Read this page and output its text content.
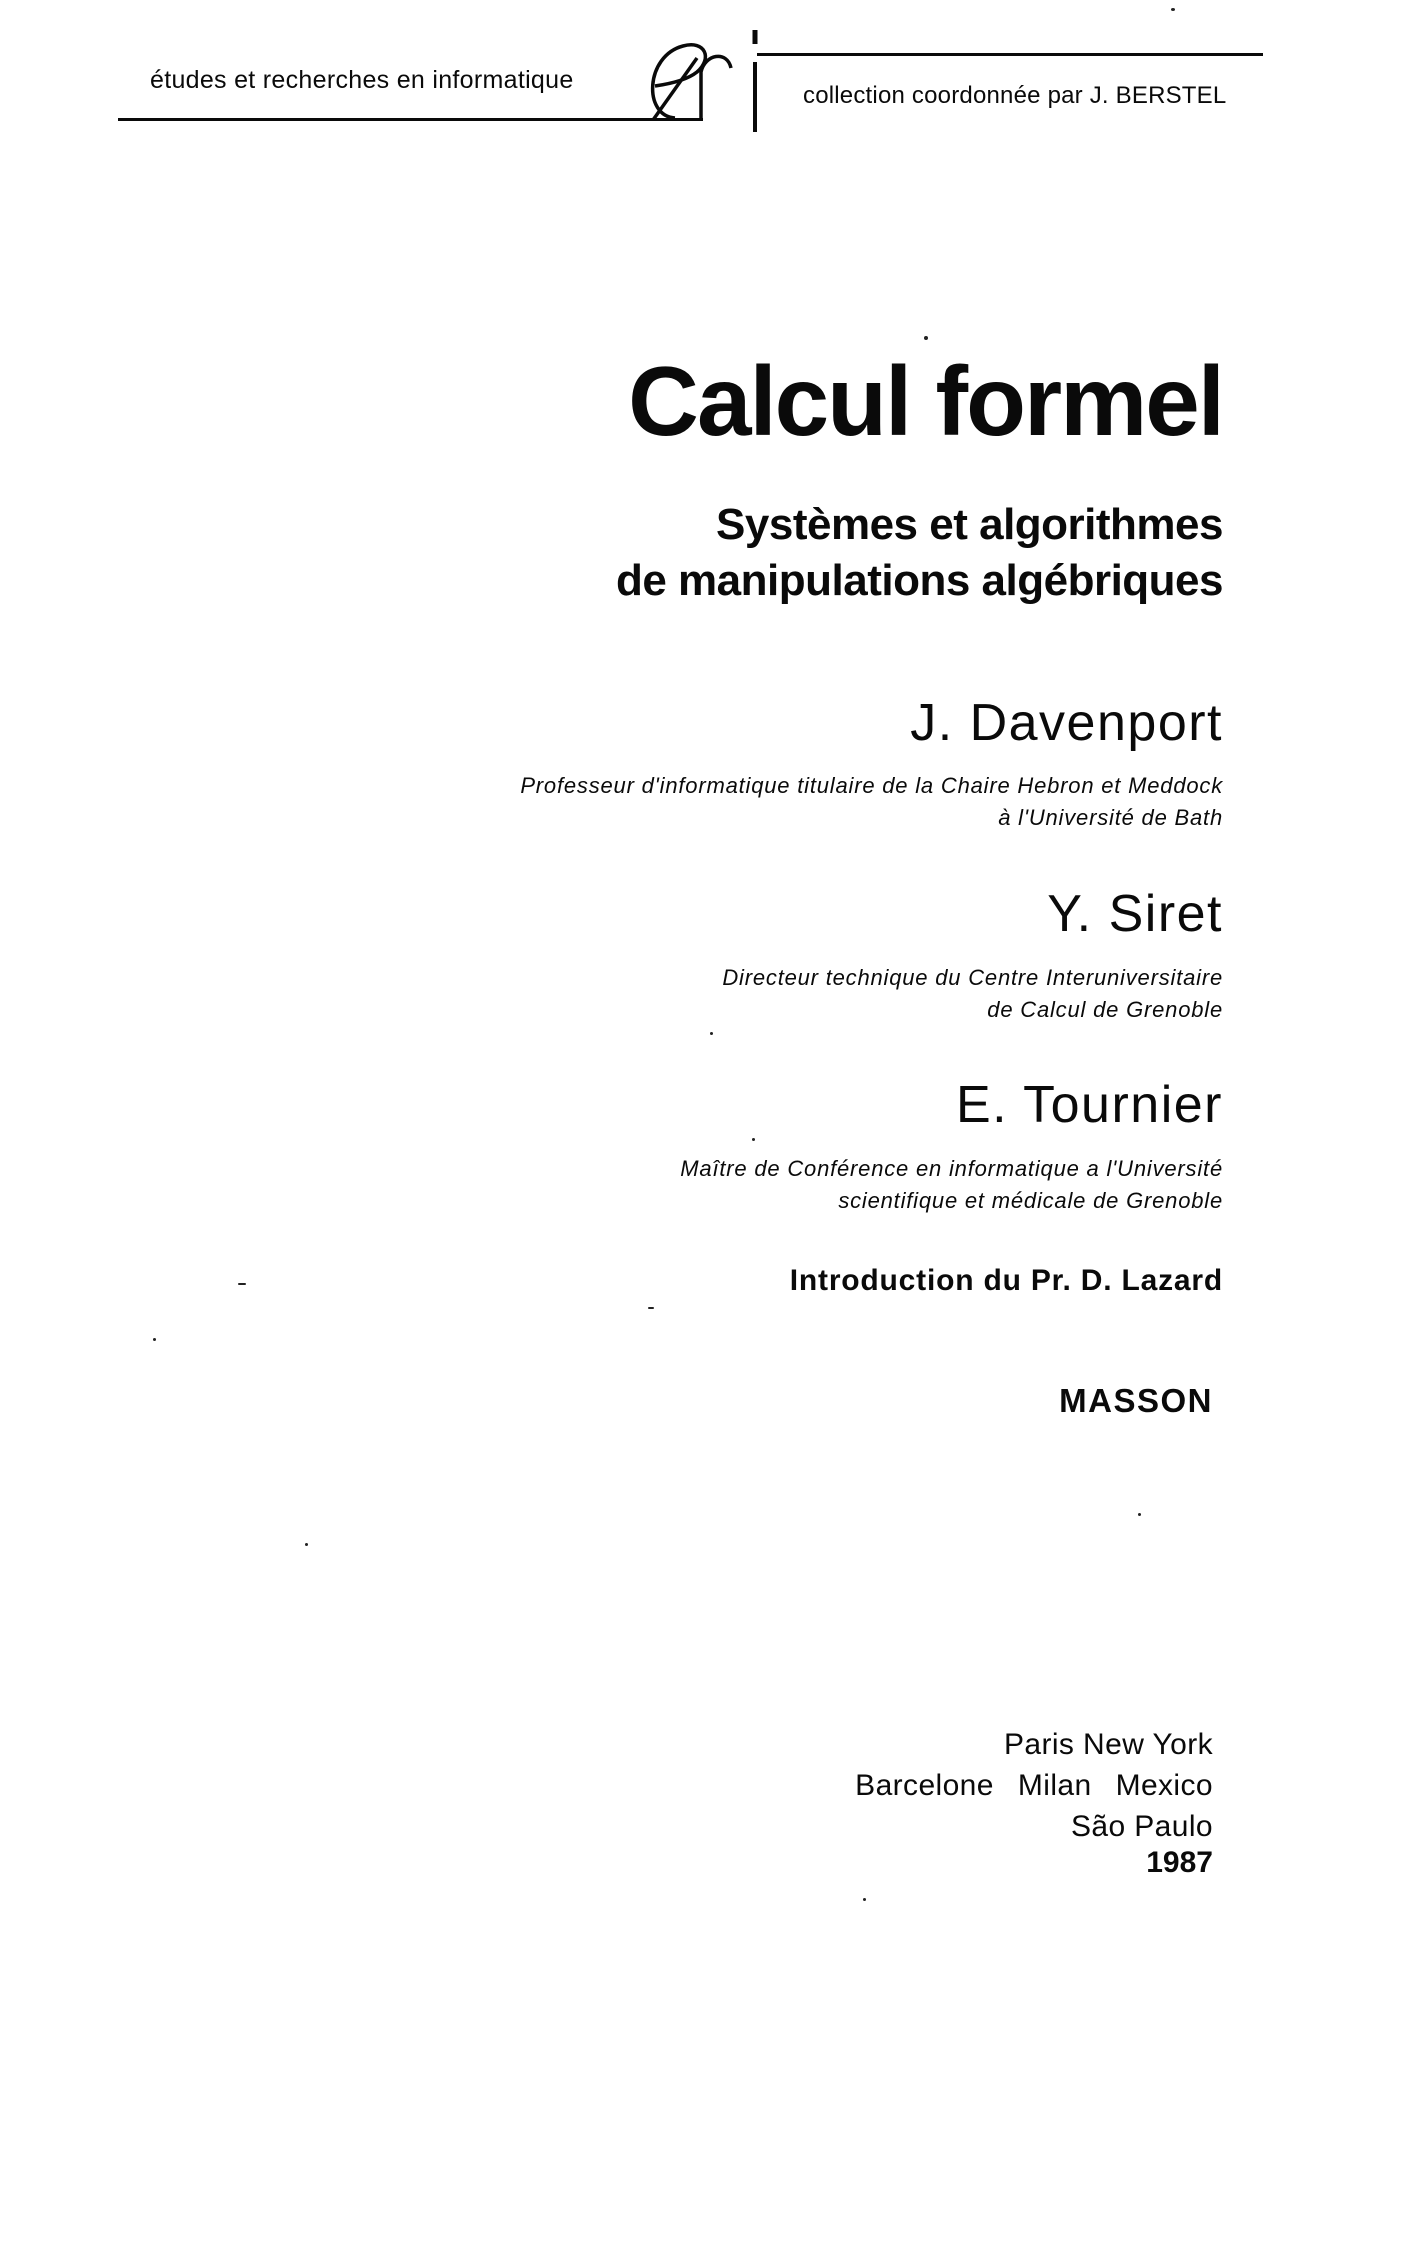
études et recherches en informatique
collection coordonnée par J. BERSTEL
Calcul formel
Systèmes et algorithmes
de manipulations algébriques
J. Davenport
Professeur d'informatique titulaire de la Chaire Hebron et Meddock
à l'Université de Bath
Y. Siret
Directeur technique du Centre Interuniversitaire
de Calcul de Grenoble
E. Tournier
Maître de Conférence en informatique a l'Université
scientifique et médicale de Grenoble
Introduction du Pr. D. Lazard
MASSON
Paris New York
Barcelone Milan Mexico
São Paulo
1987
